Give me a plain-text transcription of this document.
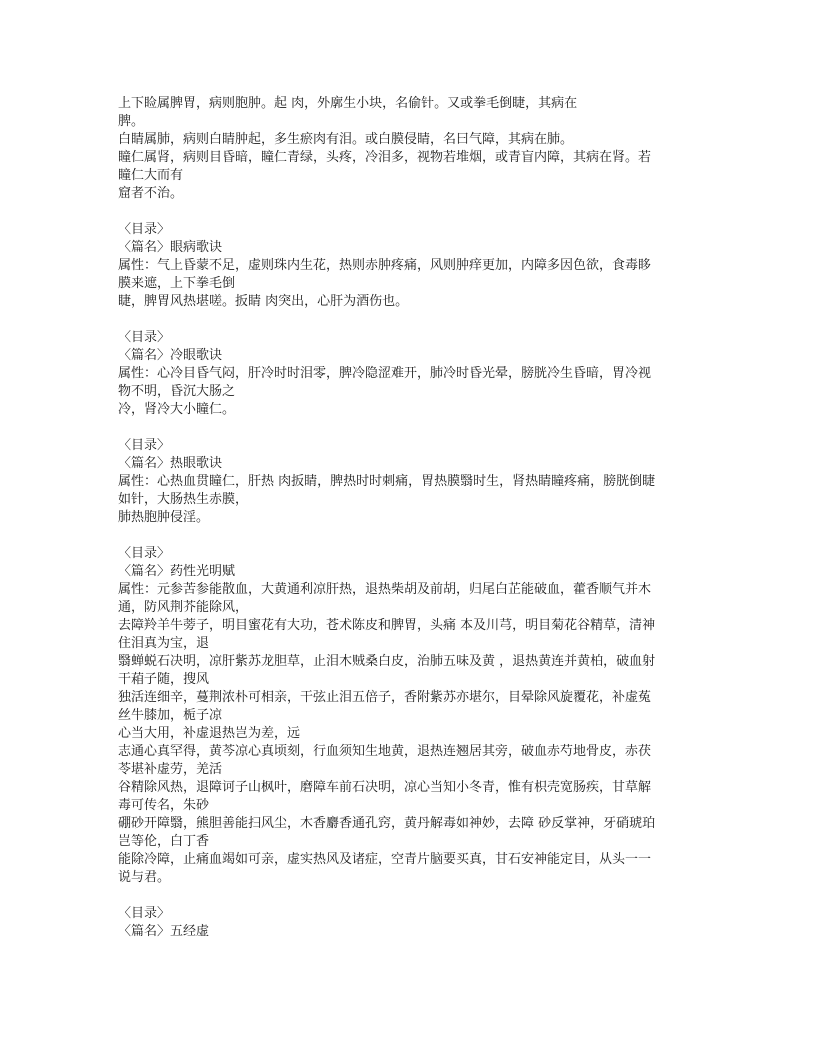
上下睑属脾胃，病则胞肿。起 肉，外廓生小块，名偷针。又或拳毛倒睫，其病在
脾。
白睛属肺，病则白睛肿起，多生瘀肉有泪。或白膜侵睛，名曰气障，其病在肺。
瞳仁属肾，病则目昏暗，瞳仁青绿，头疼，冷泪多，视物若堆烟，或青盲内障，其病在肾。若
瞳仁大而有
窟者不治。
〈目录〉
〈篇名〉眼病歌诀
属性：气上昏蒙不足，虚则珠内生花，热则赤肿疼痛，风则肿痒更加，内障多因色欲，食毒眵
膜来遮，上下拳毛倒
睫，脾胃风热堪嗟。扳睛 肉突出，心肝为酒伤也。
〈目录〉
〈篇名〉冷眼歌诀
属性：心冷目昏气闷，肝冷时时泪零，脾冷隐涩难开，肺冷时昏光晕，膀胱冷生昏暗，胃冷视
物不明，昏沉大肠之
冷，肾冷大小瞳仁。
〈目录〉
〈篇名〉热眼歌诀
属性：心热血贯瞳仁，肝热 肉扳睛，脾热时时刺痛，胃热膜翳时生，肾热睛瞳疼痛，膀胱倒睫
如针，大肠热生赤膜，
肺热胞肿侵淫。
〈目录〉
〈篇名〉药性光明赋
属性：元参苦参能散血，大黄通利凉肝热，退热柴胡及前胡，归尾白芷能破血，藿香顺气并木
通，防风荆芥能除风，
去障羚羊牛蒡子，明目蜜花有大功，苍术陈皮和脾胃，头痛 本及川芎，明目菊花谷精草，清神
住泪真为宝，退
翳蝉蜕石决明，凉肝紫苏龙胆草，止泪木贼桑白皮，治肺五味及黄 ，退热黄连并黄柏，破血射
干葙子随，搜风
独活连细辛，蔓荆浓朴可相亲，干弦止泪五倍子，香附紫苏亦堪尔，目晕除风旋覆花，补虚菟
丝牛膝加，栀子凉
心当大用，补虚退热岂为差，远
志通心真罕得，黄芩凉心真顷刻，行血须知生地黄，退热连翘居其旁，破血赤芍地骨皮，赤茯
苓堪补虚劳，羌活
谷精除风热，退障诃子山枫叶，磨障车前石决明，凉心当知小冬青，惟有枳壳宽肠疾，甘草解
毒可传名，朱砂
硼砂开障翳，熊胆善能扫风尘，木香麝香通孔窍，黄丹解毒如神妙，去障 砂反掌神，牙硝琥珀
岂等伦，白丁香
能除冷障，止痛血竭如可亲，虚实热风及诸症，空青片脑要买真，甘石安神能定目，从头一一
说与君。
〈目录〉
〈篇名〉五经虚
